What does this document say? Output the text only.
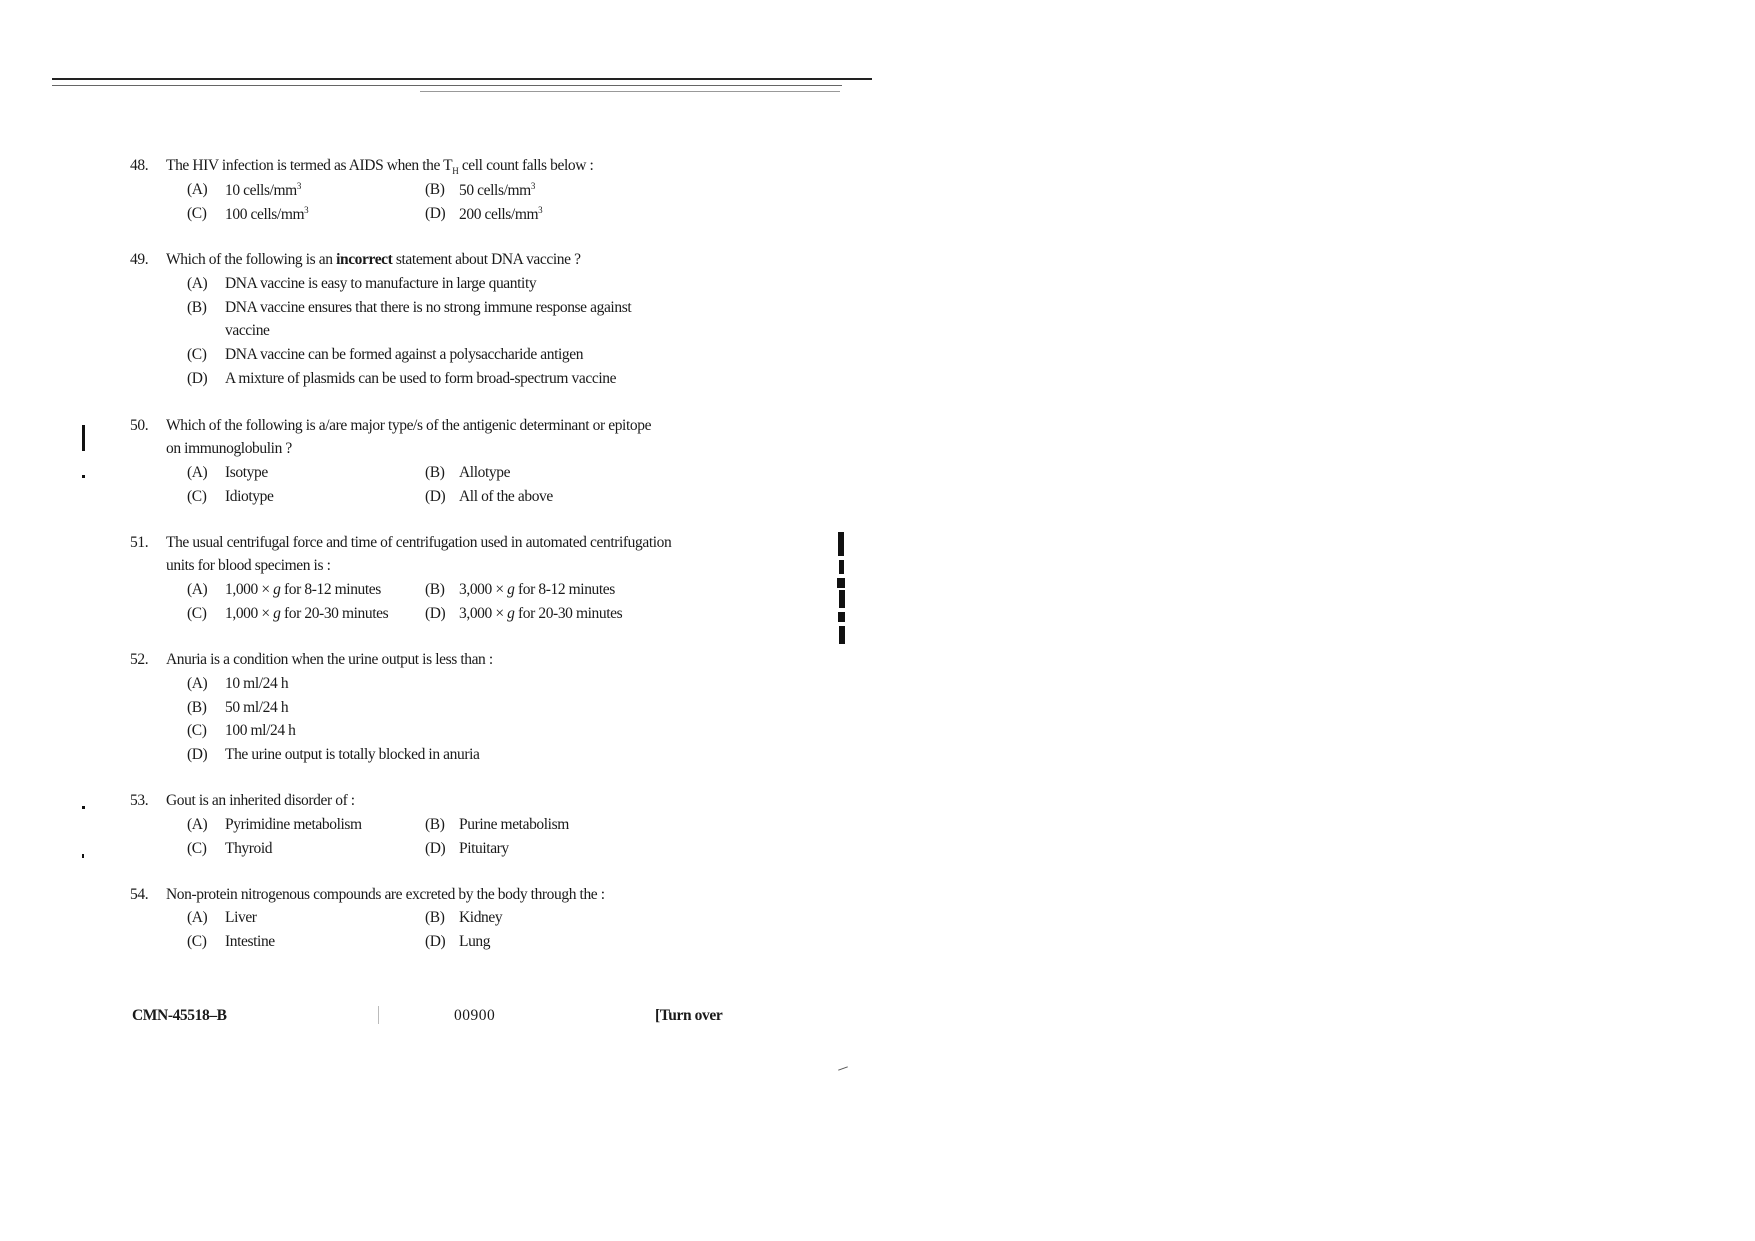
48. The HIV infection is termed as AIDS when the $T_H$ cell count falls below :
(A) 10 cells/$mm^3$	(B) 50 cells/$mm^3$
(C) 100 cells/$mm^3$	(D) 200 cells/$mm^3$
49. Which of the following is an incorrect statement about DNA vaccine ?
(A) DNA vaccine is easy to manufacture in large quantity
(B) DNA vaccine ensures that there is no strong immune response against
vaccine
(C) DNA vaccine can be formed against a polysaccharide antigen
(D) A mixture of plasmids can be used to form broad-spectrum vaccine
50. Which of the following is a/are major type/s of the antigenic determinant or epitope
on immunoglobulin ?
(A) Isotype	(B) Allotype
(C) Idiotype	(D) All of the above
51. The usual centrifugal force and time of centrifugation used in automated centrifugation
units for blood specimen is :
(A) 1,000 × g for 8-12 minutes	(B) 3,000 × g for 8-12 minutes
(C) 1,000 × g for 20-30 minutes (D) 3,000 × g for 20-30 minutes
52. Anuria is a condition when the urine output is less than :
(A) 10 ml/24 h
(B) 50 ml/24 h
(C) 100 ml/24 h
(D) The urine output is totally blocked in anuria
53. Gout is an inherited disorder of :
(A) Pyrimidine metabolism	(B) Purine metabolism
(C) Thyroid	(D) Pituitary
54. Non-protein nitrogenous compounds are excreted by the body through the :
(A) Liver	(B) Kidney
(C) Intestine	(D) Lung
CMN-45518–B	00900	[Turn over
